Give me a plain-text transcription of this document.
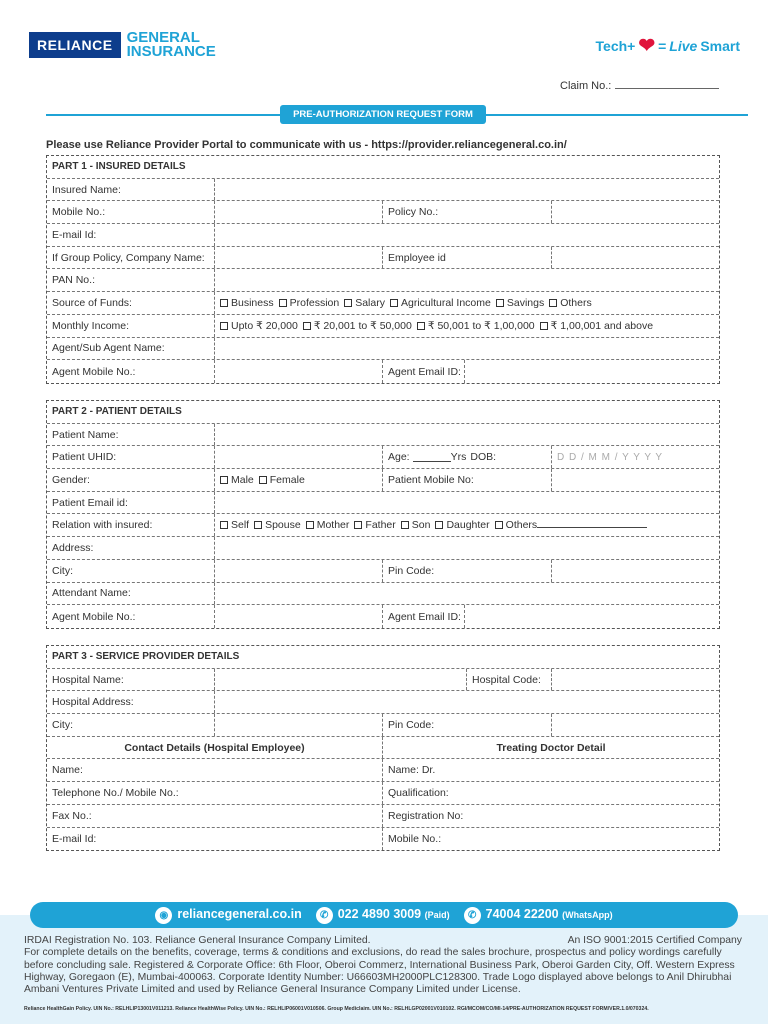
RELIANCE GENERAL
INSURANCE	Tech+ ❤ = Live Smart
Claim No.:
PRE-AUTHORIZATION REQUEST FORM
Please use Reliance Provider Portal to communicate with us - https://provider.reliancegeneral.co.in/
PART 1 - INSURED DETAILS
Insured Name:
Mobile No.:	Policy No.:
E-mail Id:
If Group Policy, Company Name:	Employee id
PAN No.:
Source of Funds:	Business	Profession	Salary	Agricultural Income	Savings	Others
Monthly Income:	Upto ₹ 20,000	₹ 20,001 to ₹ 50,000	₹ 50,001 to ₹ 1,00,000	₹ 1,00,001 and above
Agent/Sub Agent Name:
Agent Mobile No.:	Agent Email ID:
PART 2 - PATIENT DETAILS
Patient Name:
Patient UHID:	Age:	Yrs DOB:	D D / M M / Y Y Y Y
Gender:	Male	Female	Patient Mobile No:
Patient Email id:
Relation with insured:	Self	Spouse	Mother	Father	Son	Daughter	Others
Address:
City:	Pin Code:
Attendant Name:
Agent Mobile No.:	Agent Email ID:
PART 3 - SERVICE PROVIDER DETAILS
Hospital Name:	Hospital Code:
Hospital Address:
City:	Pin Code:
Contact Details (Hospital Employee)	Treating Doctor Detail
Name:	Name: Dr.
Telephone No./ Mobile No.:	Qualification:
Fax No.:	Registration No:
E-mail Id:	Mobile No.:
◉ reliancegeneral.co.in	✆ 022 4890 3009 (Paid)	✆ 74004 22200 (WhatsApp)
IRDAI Registration No. 103. Reliance General Insurance Company Limited.	An ISO 9001:2015 Certified Company
For complete details on the benefits, coverage, terms & conditions and exclusions, do read the sales brochure, prospectus and policy wordings carefully before concluding sale. Registered & Corporate Office: 6th Floor, Oberoi Commerz, International Business Park, Oberoi Garden City, Off. Western Express Highway, Goregaon (E), Mumbai-400063. Corporate Identity Number: U66603MH2000PLC128300. Trade Logo displayed above belongs to Anil Dhirubhai Ambani Ventures Private Limited and used by Reliance General Insurance Company Limited under License.
Reliance HealthGain Policy. UIN No.: RELHLIP13001V011213. Reliance HealthWise Policy. UIN No.: RELHLIP06001V010506. Group Mediclaim. UIN No.: RELHLGP02001V010102. RGI/MCOM/CO/MI-14/PRE-AUTHORIZATION REQUEST FORM/VER.1.0/070324.
